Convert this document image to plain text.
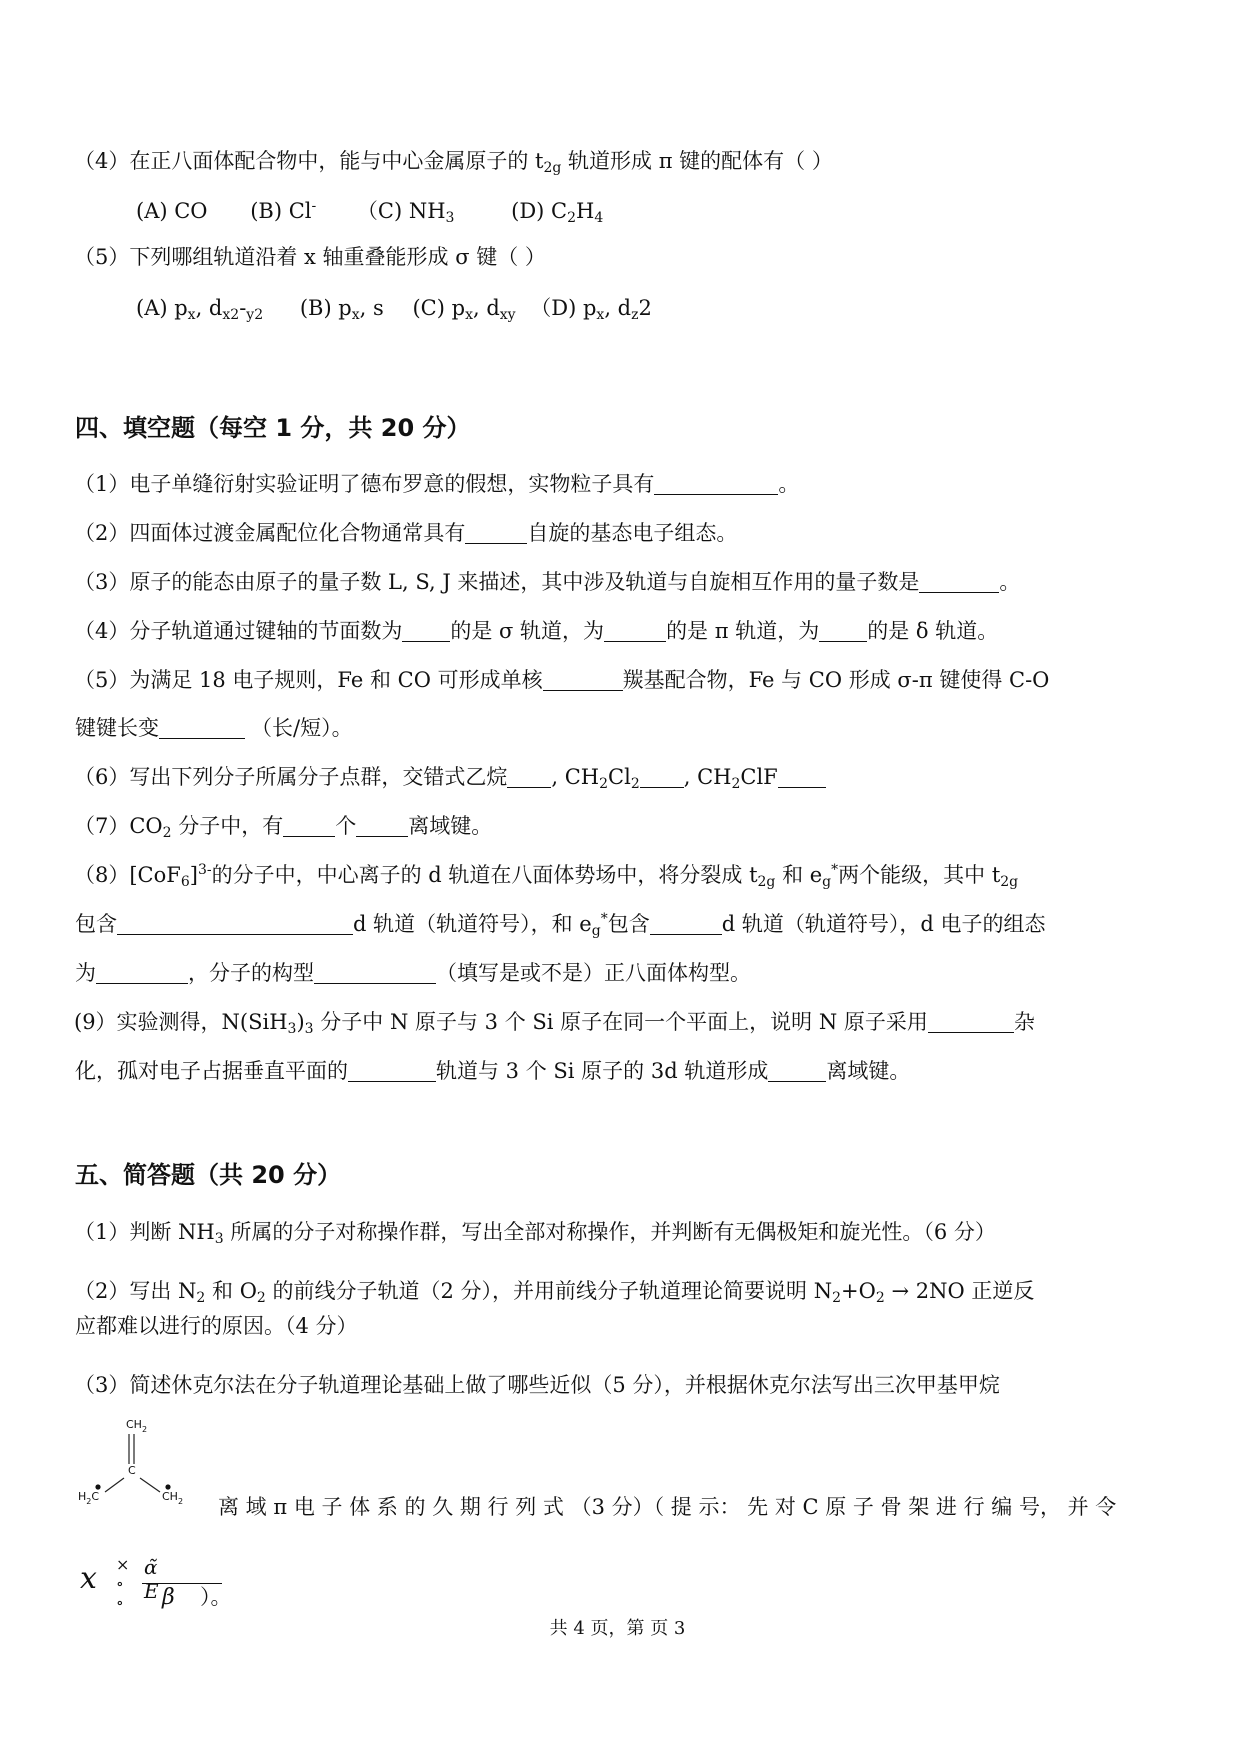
（4）在正八面体配合物中，能与中心金属原子的 $t_{2g}$ 轨道形成 π 键的配体有（ ）
(A) CO (B) Cl- （C) $NH_3$	(D) $C_2H_4$
（5）下列哪组轨道沿着 x 轴重叠能形成 σ 键（ ）
(A) $p_x$, $d_{x2}-_{y2}$ (B) $p_x$, s (C) $p_x$, $d_{xy}$ （D) $p_x$, $d_z2$
四、填空题（每空 1 分，共 20 分）
（1）电子单缝衍射实验证明了德布罗意的假想，实物粒子具有	。
（2）四面体过渡金属配位化合物通常具有	自旋的基态电子组态。
（3）原子的能态由原子的量子数 L, S, J 来描述，其中涉及轨道与自旋相互作用的量子数是	。
（4）分子轨道通过键轴的节面数为 的是 σ 轨道，为	的是 π 轨道，为 的是 δ 轨道。
（5）为满足 18 电子规则，Fe 和 CO 可形成单核	羰基配合物，Fe 与 CO 形成 σ-π 键使得 C-O
键键长变	（长/短）。
（6）写出下列分子所属分子点群，交错式乙烷 , $CH_2Cl_2$ , $CH_2ClF$
$(7)CO_2$ 分子中，有 个 离域键。
$(8)[CoF_6]^{3-}$的分子中，中心离子的 d 轨道在八面体势场中，将分裂成 $t_{2g}$ 和 $e_g^*$两个能级，其中 $t_{2g}$
包含	d 轨道（轨道符号），和 $e_g^*$包含	d 轨道（轨道符号），d 电子的组态
为	，分子的构型	（填写是或不是）正八面体构型。
(9）实验测得，$N(SiH_3)_3$ 分子中 N 原子与 3 个 Si 原子在同一个平面上，说明 N 原子采用	杂
化，孤对电子占据垂直平面的	轨道与 3 个 Si 原子的 3d 轨道形成	离域键。
五、简答题（共 20 分）
（1）判断 $NH_3$ 所属的分子对称操作群，写出全部对称操作，并判断有无偶极矩和旋光性。（6 分）
（2）写出 $N_2$ 和 $O_2$ 的前线分子轨道（2 分），并用前线分子轨道理论简要说明 $N_2+O_2 \to 2NO$ 正逆反
应都难以进行的原因。（4 分）
（3）简述休克尔法在分子轨道理论基础上做了哪些近似（5 分），并根据休克尔法写出三次甲基甲烷
$CH_2$
C
$H_2C$	$CH_2$ 离 域 π 电 子 体 系 的 久 期 行 列 式 （3 分）（ 提 示： 先 对 C 原 子 骨 架 进 行 编 号， 并 令
x × ∘ ∘
α̃ E β ）。
共 4 页，第 页 3
